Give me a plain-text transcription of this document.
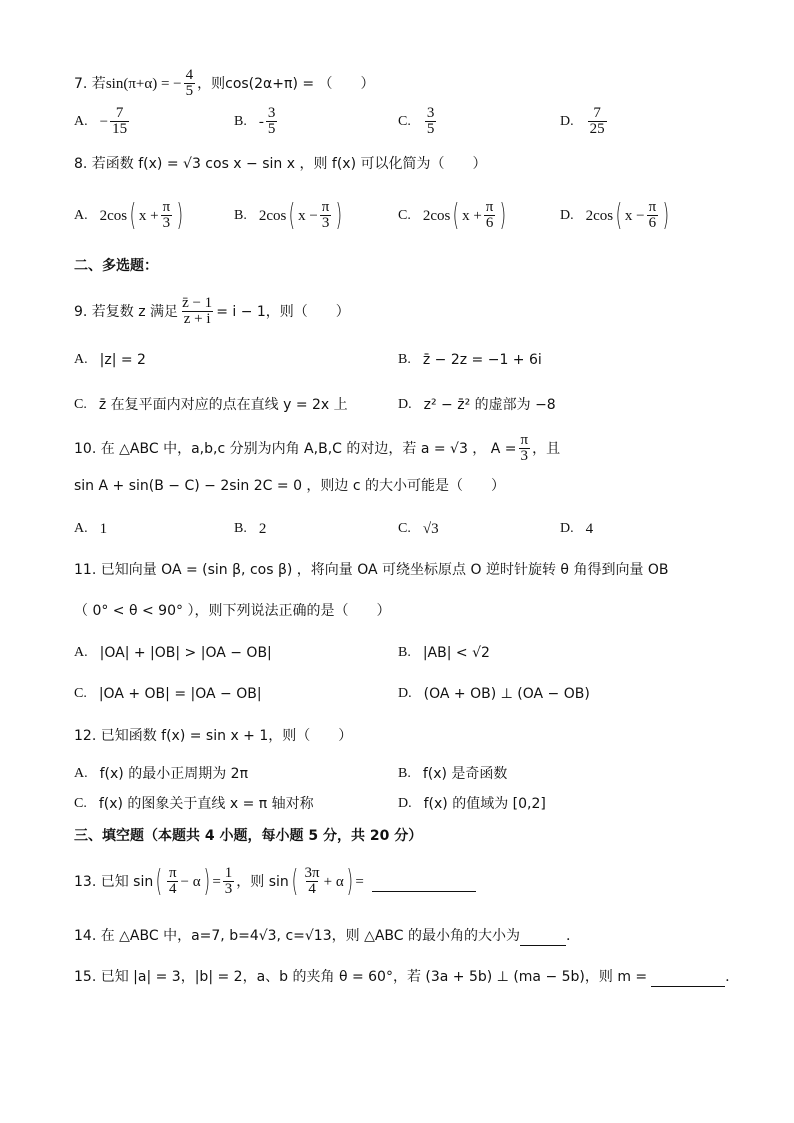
7. 若 sin(π+α) = − $\frac{4}{5}$ ，则cos(2α+π) = （　　）
A. − $\frac{7}{15}$	B. - $\frac{3}{5}$	C. $\frac{3}{5}$	D. $\frac{7}{25}$
8. 若函数 f(x) = √3 cos x − sin x ，则 f(x) 可以化简为（　　）
A. 2cos ( $x + \frac{\pi}{3}$ )	B. 2cos ( $x - \frac{\pi}{3}$ )	C. 2cos ( $x + \frac{\pi}{6}$ )	D. 2cos ( $x - \frac{\pi}{6}$ )
二、多选题：
9. 若复数 z 满足 $\frac{z̄ - 1}{z + i} = i - 1$，则（　　）
A. |z| = 2	B. z̄ − 2z = −1 + 6i
C. z̄ 在复平面内对应的点在直线 y = 2x 上	D. z² − z̄² 的虚部为 −8
10. 在 △ABC 中，a,b,c 分别为内角 A,B,C 的对边，若 a = √3 ， $A = \frac{\pi}{3}$ ，且
sin A + sin(B − C) − 2sin 2C = 0 ，则边 c 的大小可能是（　　）
A. 1	B. 2	C. √3	D. 4
11. 已知向量 OA = (sin β, cos β) ，将向量 OA 可绕坐标原点 O 逆时针旋转 θ 角得到向量 OB
（ 0° < θ < 90° ），则下列说法正确的是（　　）
A. |OA| + |OB| > |OA − OB|	B. |AB| < √2
C. |OA + OB| = |OA − OB|	D. (OA + OB) ⊥ (OA − OB)
12. 已知函数 f(x) = sin x + 1，则（　　）
A. f(x) 的最小正周期为 2π	B. f(x) 是奇函数
C. f(x) 的图象关于直线 x = π 轴对称	D. f(x) 的值域为 [0,2]
三、填空题（本题共 4 小题，每小题 5 分，共 20 分）
13. 已知 sin ( $\frac{\pi}{4} - \alpha$ ) = $\frac{1}{3}$ ，则 sin ( $\frac{3\pi}{4} + \alpha$ ) =

14. 在 △ABC 中，a=7, b=4√3, c=√13，则 △ABC 的最小角的大小为
	.
15. 已知 |a| = 3，|b| = 2，a、b 的夹角 θ = 60°，若 (3a + 5b) ⊥ (ma − 5b)，则 m =
	.
